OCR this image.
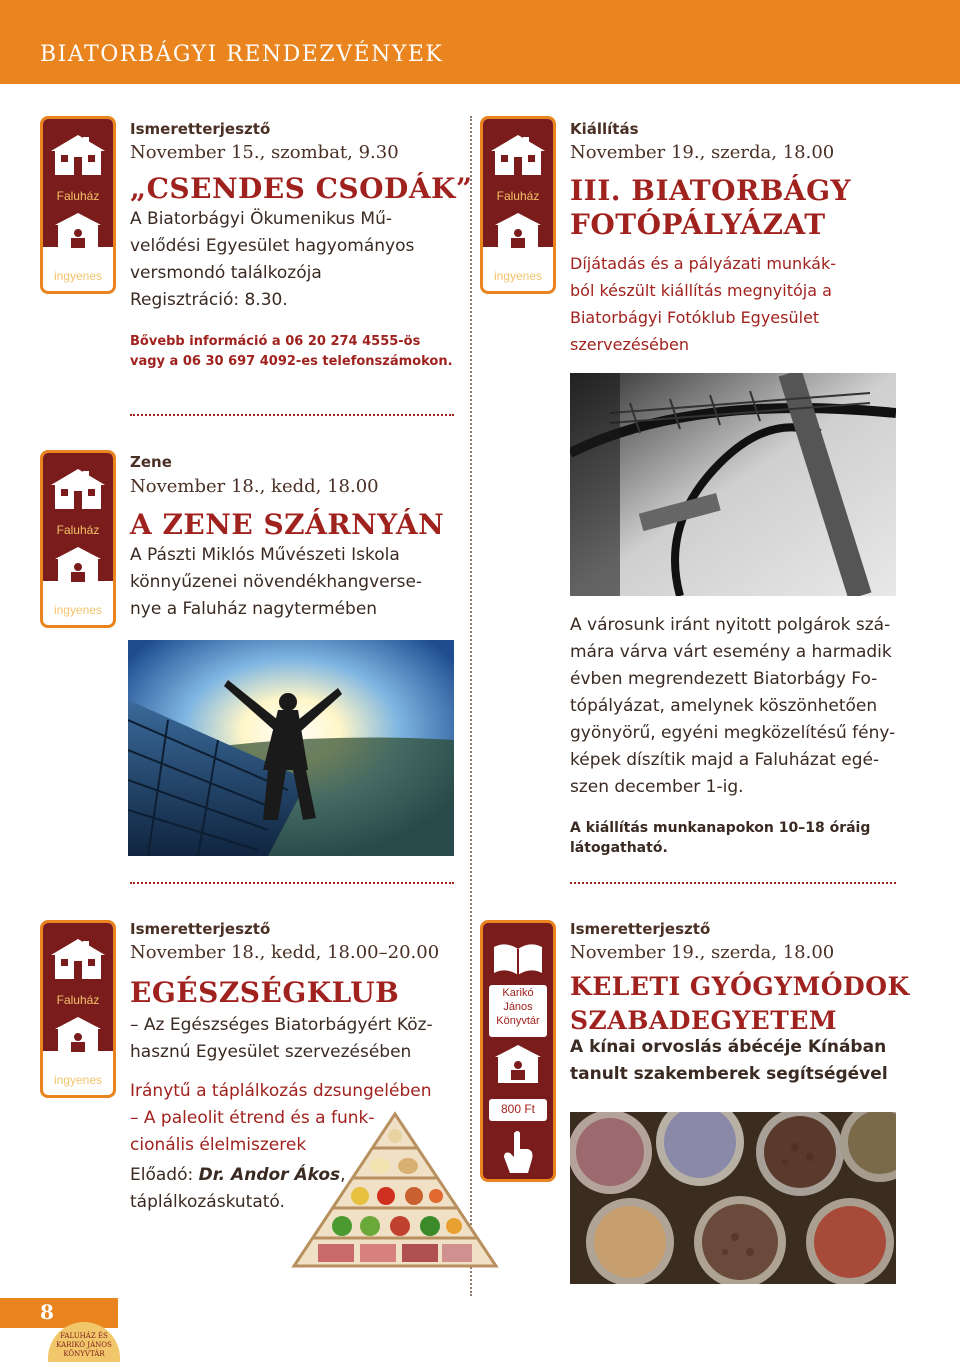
BIATORBÁGYI RENDEZVÉNYEK
Faluház
ingyenes
Faluház
ingyenes
Faluház
ingyenes
Faluház
ingyenes
Karikó
János
Könyvtár
800 Ft
Ismeretterjesztő
November 15., szombat, 9.30
„CSENDES CSODÁK”
A Biatorbágyi Ökumenikus Mű-
velődési Egyesület hagyományos
versmondó találkozója
Regisztráció: 8.30.
Bővebb információ a 06 20 274 4555-ös
vagy a 06 30 697 4092-es telefonszámokon.
Kiállítás
November 19., szerda, 18.00
III. BIATORBÁGY
FOTÓPÁLYÁZAT
Díjátadás és a pályázati munkák-
ból készült kiállítás megnyitója a
Biatorbágyi Fotóklub Egyesület
szervezésében
A városunk iránt nyitott polgárok szá-
mára várva várt esemény a harmadik
évben megrendezett Biatorbágy Fo-
tópályázat, amelynek köszönhetően
gyönyörű, egyéni megközelítésű fény-
képek díszítik majd a Faluházat egé-
szen december 1-ig.
A kiállítás munkanapokon 10–18 óráig
látogatható.
Zene
November 18., kedd, 18.00
A ZENE SZÁRNYÁN
A Pászti Miklós Művészeti Iskola
könnyűzenei növendékhangverse-
nye a Faluház nagytermében
Ismeretterjesztő
November 18., kedd, 18.00–20.00
EGÉSZSÉGKLUB
– Az Egészséges Biatorbágyért Köz-
hasznú Egyesület szervezésében
Iránytű a táplálkozás dzsungelében
– A paleolit étrend és a funk-
cionális élelmiszerek
Előadó: Dr. Andor Ákos,
táplálkozáskutató.
Ismeretterjesztő
November 19., szerda, 18.00
KELETI GYÓGYMÓDOK
SZABADEGYETEM
A kínai orvoslás ábécéje Kínában
tanult szakemberek segítségével
8
FALUHÁZ ÉS KARIKÓ JÁNOS KÖNYVTÁR
